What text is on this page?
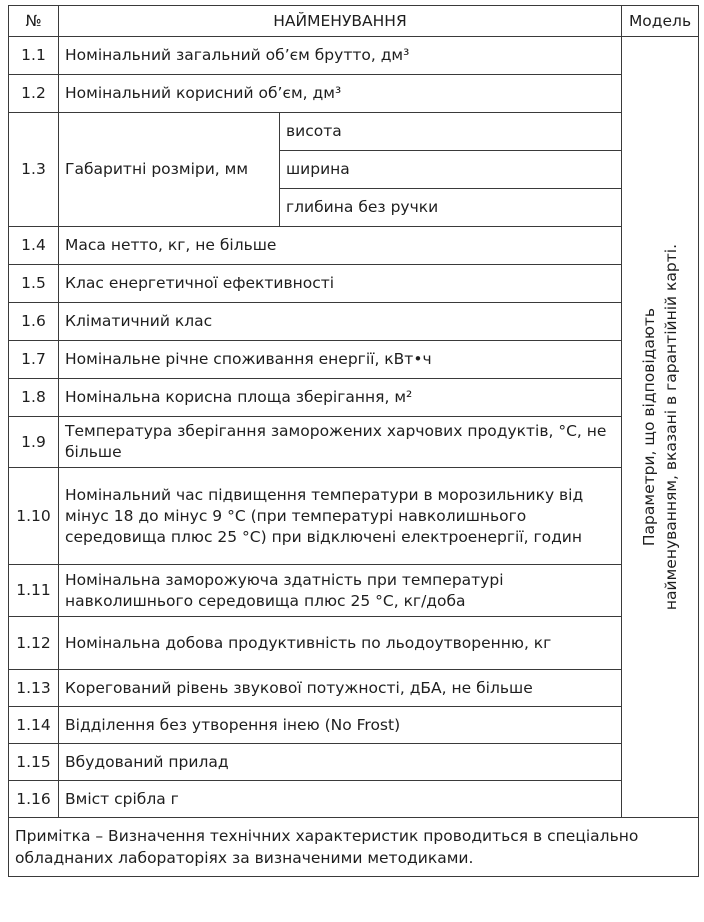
№	НАЙМЕНУВАННЯ		Модель
1.1	Номінальний загальний об’єм брутто, дм³		Параметри, що відповідають найменуванням, вказані в гарантійній карті.

1.2	Номінальний корисний об’єм, дм³		
1.3	Габаритні розміри, мм	висота	
		ширина	
		глибина без ручки	
1.4	Маса нетто, кг, не більше		
1.5	Клас енергетичної ефективності		
1.6	Кліматичний клас		
1.7	Номінальне річне споживання енергії, кВт•ч		
1.8	Номінальна корисна площа зберігання, м²		
1.9	Температура зберігання заморожених харчових продуктів, °С, не більше		
1.10	Номінальний час підвищення температури в морозильнику від мінус 18 до мінус 9 °С (при температурі навколишнього середовища плюс 25 °С) при відключені електроенергії, годин		
1.11	Номінальна заморожуюча здатність при температурі навколишнього середовища плюс 25 °С, кг/доба		
1.12	Номінальна добова продуктивність по льодоутворенню, кг		
1.13	Корегований рівень звукової потужності, дБА, не більше		
1.14	Відділення без утворення інею (No Frost)		
1.15	Вбудований прилад		
1.16	Вміст срібла г		
Примітка – Визначення технічних характеристик проводиться в спеціально обладнаних лабораторіях за визначеними методиками.			
